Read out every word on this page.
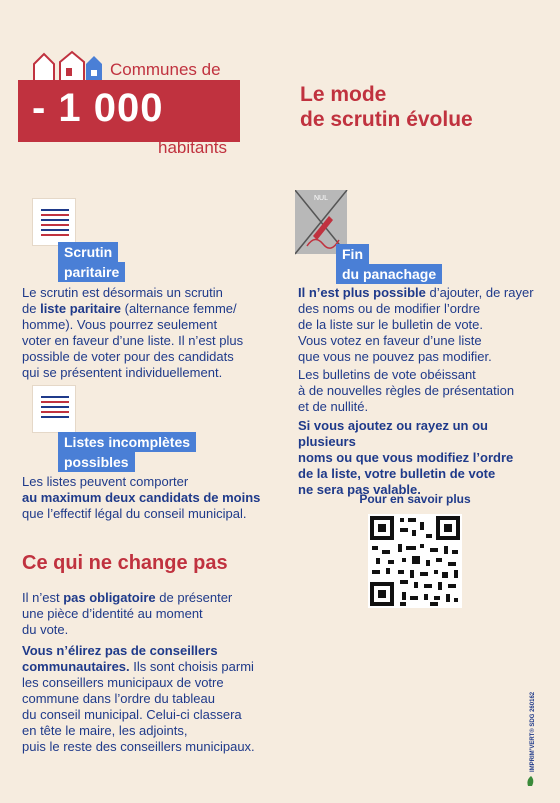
Communes de
- 1 000
habitants
Le mode
de scrutin évolue
Scrutin
paritaire
Le scrutin est désormais un scrutin
de liste paritaire (alternance femme/
homme). Vous pourrez seulement
voter en faveur d’une liste. Il n’est plus
possible de voter pour des candidats
qui se présentent individuellement.
Listes incomplètes
possibles
Les listes peuvent comporter
au maximum deux candidats de moins
que l’effectif légal du conseil municipal.
Ce qui ne change pas
Il n’est pas obligatoire de présenter
une pièce d’identité au moment
du vote.
Vous n’élirez pas de conseillers
communautaires. Ils sont choisis parmi
les conseillers municipaux de votre
commune dans l’ordre du tableau
du conseil municipal. Celui-ci classera
en tête le maire, les adjoints,
puis le reste des conseillers municipaux.
NUL
Fin
du panachage
Il n’est plus possible d’ajouter, de rayer
des noms ou de modifier l’ordre
de la liste sur le bulletin de vote.
Vous votez en faveur d’une liste
que vous ne pouvez pas modifier.
Les bulletins de vote obéissant
à de nouvelles règles de présentation
et de nullité.
Si vous ajoutez ou rayez un ou plusieurs
noms ou que vous modifiez l’ordre
de la liste, votre bulletin de vote
ne sera pas valable.
Pour en savoir plus
IMPRIM’VERT® SDG 260162
